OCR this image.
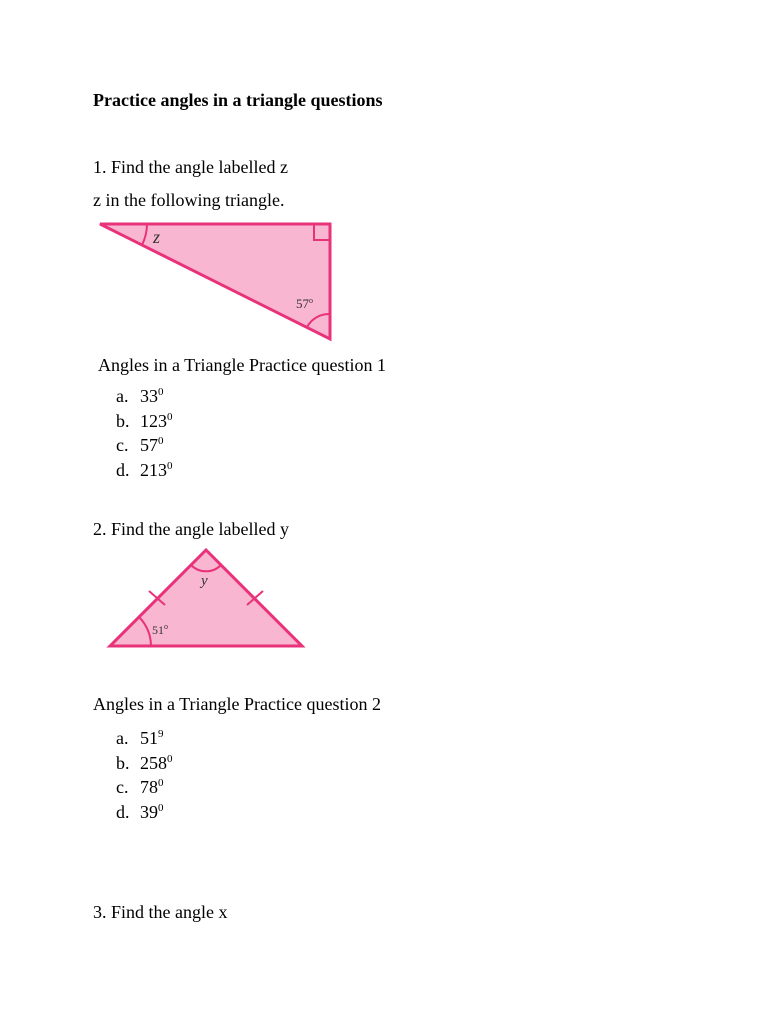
Practice angles in a triangle questions
1. Find the angle labelled z
z in the following triangle.
z
57$^o$
Angles in a Triangle Practice question 1
a. $33^0$
b. $123^0$
c. $57^0$
d. $213^0$
2. Find the angle labelled y
y
51$^o$
Angles in a Triangle Practice question 2
a. $51^9$
b. $258^0$
c. $78^0$
d. $39^0$
3. Find the angle x
